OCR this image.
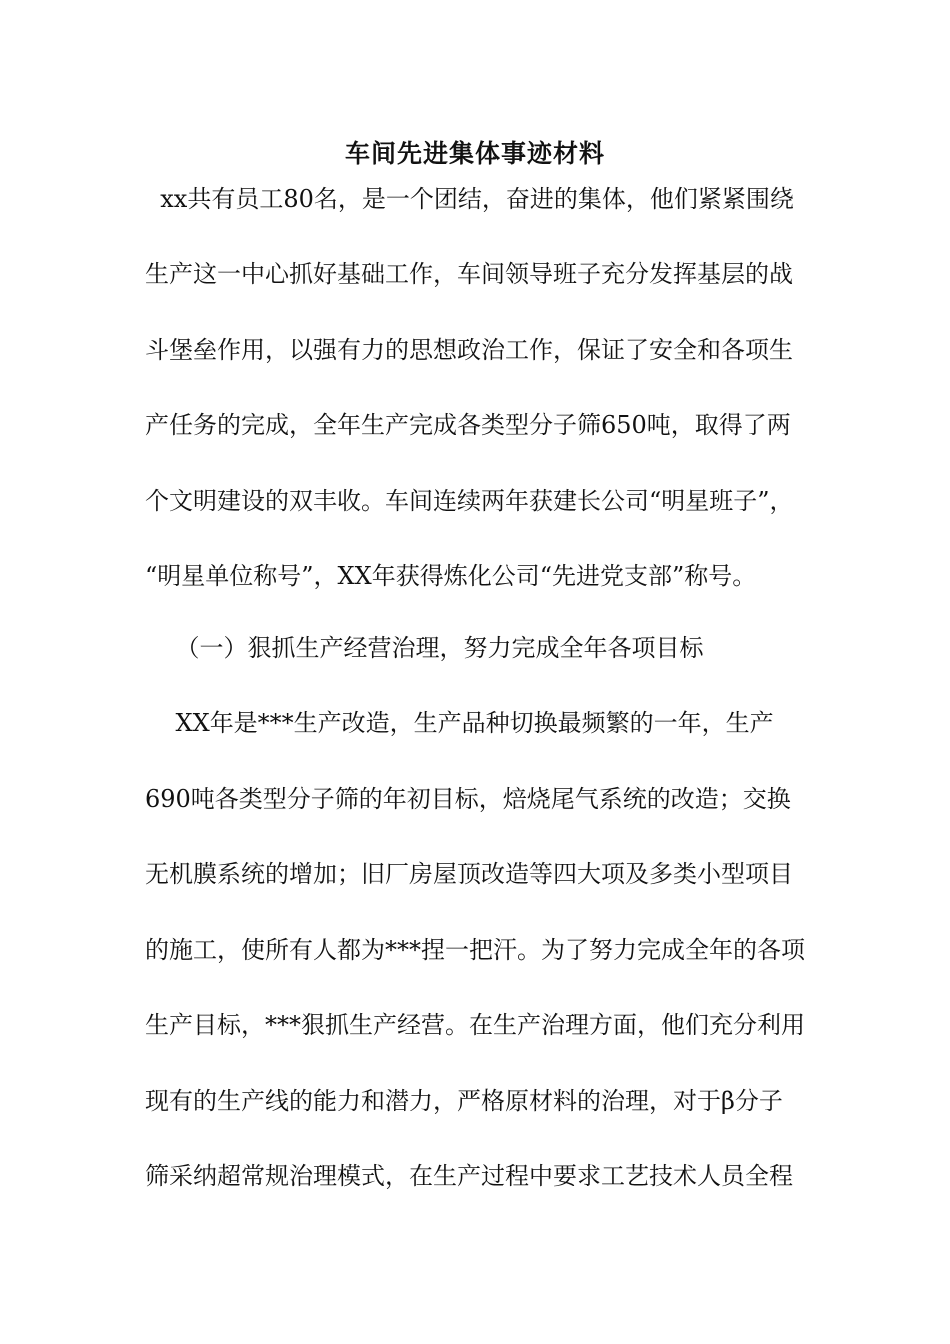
车间先进集体事迹材料
xx共有员工80名，是一个团结，奋进的集体，他们紧紧围绕
生产这一中心抓好基础工作，车间领导班子充分发挥基层的战
斗堡垒作用，以强有力的思想政治工作，保证了安全和各项生
产任务的完成，全年生产完成各类型分子筛650吨，取得了两
个文明建设的双丰收。车间连续两年获建长公司“明星班子”，
“明星单位称号”，XX年获得炼化公司“先进党支部”称号。
（一）狠抓生产经营治理，努力完成全年各项目标
XX年是***生产改造，生产品种切换最频繁的一年，生产
690吨各类型分子筛的年初目标，焙烧尾气系统的改造；交换
无机膜系统的增加；旧厂房屋顶改造等四大项及多类小型项目
的施工，使所有人都为***捏一把汗。为了努力完成全年的各项
生产目标，***狠抓生产经营。在生产治理方面，他们充分利用
现有的生产线的能力和潜力，严格原材料的治理，对于β分子
筛采纳超常规治理模式，在生产过程中要求工艺技术人员全程
